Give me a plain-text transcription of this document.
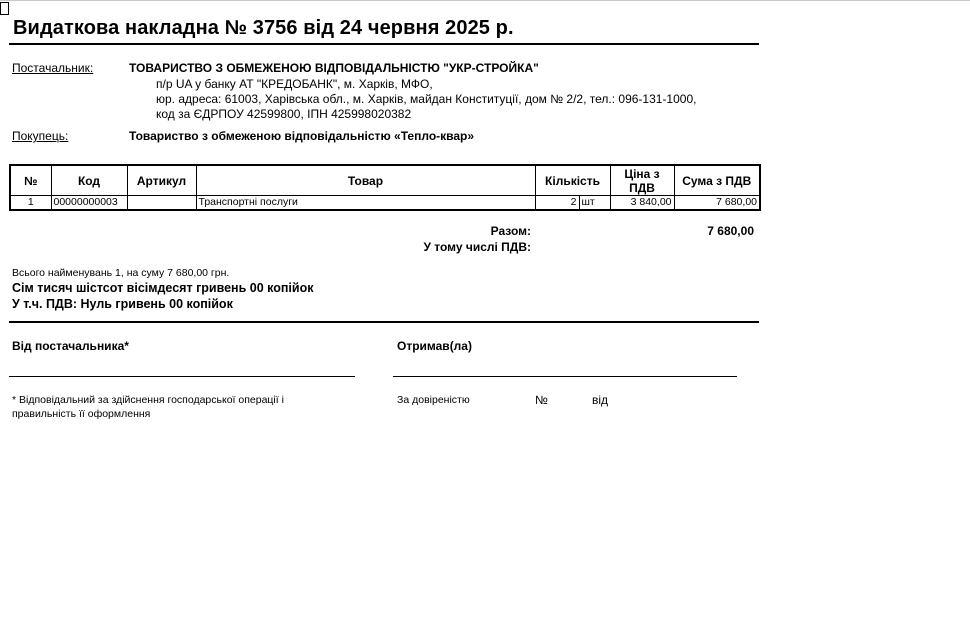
Видаткова накладна № 3756 від 24 червня 2025 р.
Постачальник:	ТОВАРИСТВО З ОБМЕЖЕНОЮ ВІДПОВІДАЛЬНІСТЮ "УКР-СТРОЙКА"
п/р UA у банку АТ "КРЕДОБАНК", м. Харків, МФО,
юр. адреса: 61003, Харівська обл., м. Харків, майдан Конституції, дом № 2/2, тел.: 096-131-1000,
код за ЄДРПОУ 42599800, ІПН 425998020382
Покупець:	Товариство з обмеженою відповідальністю «Тепло-квар»
№	Код	Артикул	Товар	Кількість	Ціна з ПДВ	Сума з ПДВ
1	00000000003		Транспортні послуги	2 шт	3 840,00	7 680,00
Разом:	7 680,00
У тому числі ПДВ:
Всього найменувань 1, на суму 7 680,00 грн.
Сім тисяч шістсот вісімдесят гривень 00 копійок
У т.ч. ПДВ: Нуль гривень 00 копійок
Від постачальника*	Отримав(ла)
* Відповідальний за здійснення господарської операції і
правильність її оформлення
За довіреністю	№	від
